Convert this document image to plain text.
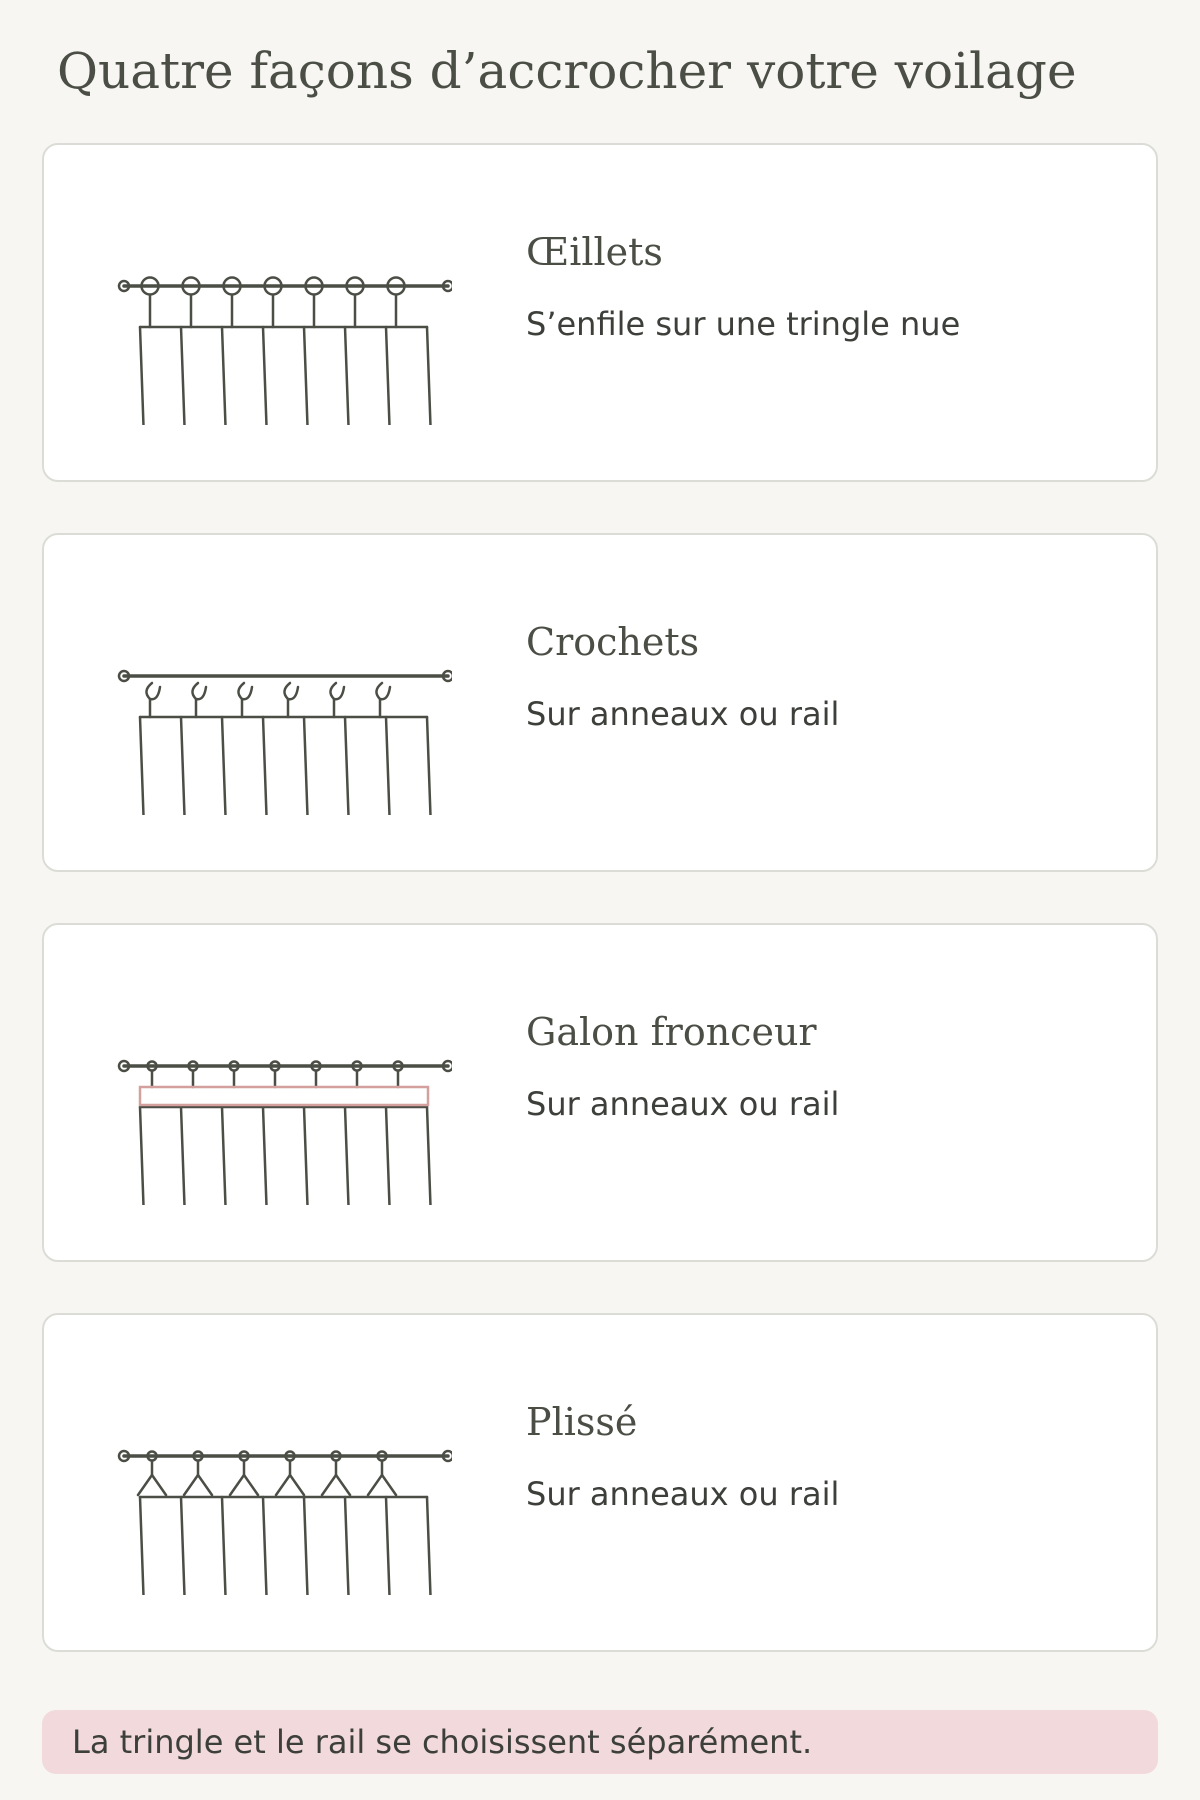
Quatre façons d’accrocher votre voilage
Œillets

S’enfile sur une tringle nue

Crochets

Sur anneaux ou rail

Galon fronceur

Sur anneaux ou rail

Plissé

Sur anneaux ou rail

La tringle et le rail se choisissent séparément.
